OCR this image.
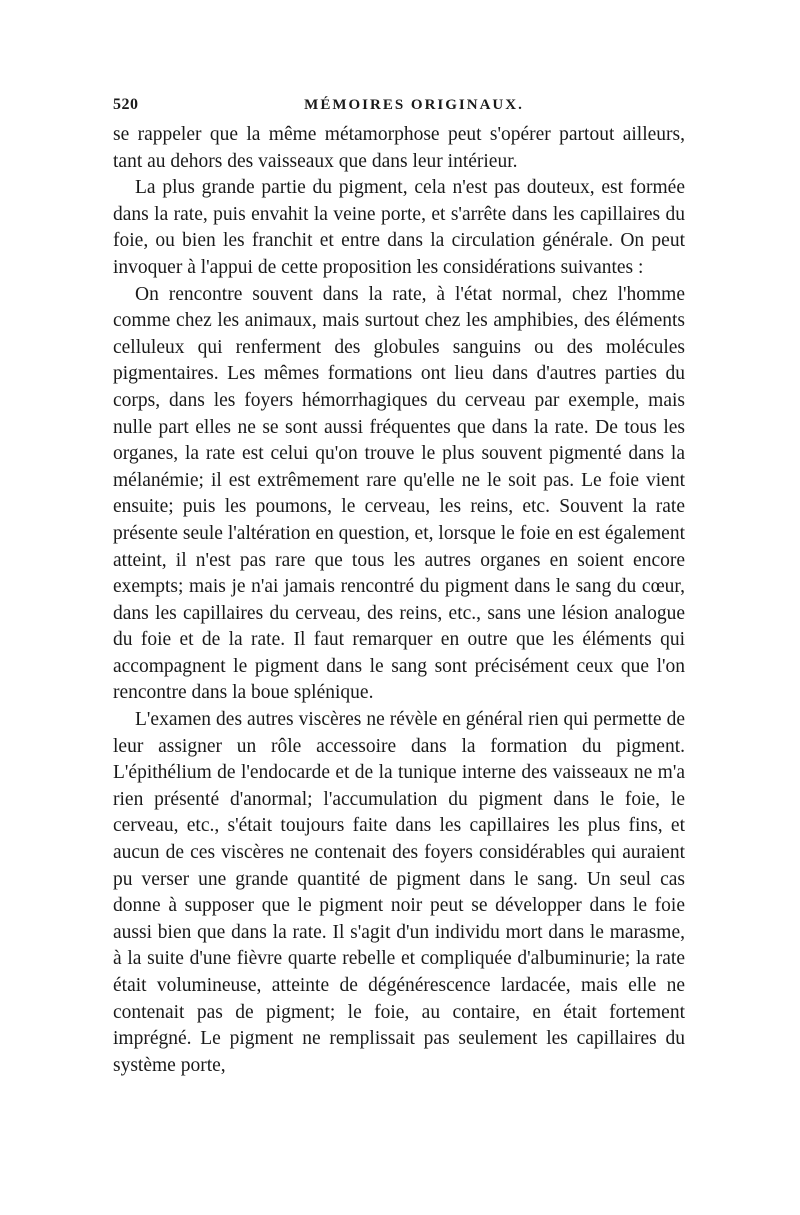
520	MÉMOIRES ORIGINAUX.

se rappeler que la même métamorphose peut s'opérer partout ailleurs, tant au dehors des vaisseaux que dans leur intérieur.

La plus grande partie du pigment, cela n'est pas douteux, est formée dans la rate, puis envahit la veine porte, et s'arrête dans les capillaires du foie, ou bien les franchit et entre dans la circulation générale. On peut invoquer à l'appui de cette proposition les considérations suivantes :

On rencontre souvent dans la rate, à l'état normal, chez l'homme comme chez les animaux, mais surtout chez les amphibies, des éléments celluleux qui renferment des globules sanguins ou des molécules pigmentaires. Les mêmes formations ont lieu dans d'autres parties du corps, dans les foyers hémorrhagiques du cerveau par exemple, mais nulle part elles ne se sont aussi fréquentes que dans la rate. De tous les organes, la rate est celui qu'on trouve le plus souvent pigmenté dans la mélanémie; il est extrêmement rare qu'elle ne le soit pas. Le foie vient ensuite; puis les poumons, le cerveau, les reins, etc. Souvent la rate présente seule l'altération en question, et, lorsque le foie en est également atteint, il n'est pas rare que tous les autres organes en soient encore exempts; mais je n'ai jamais rencontré du pigment dans le sang du cœur, dans les capillaires du cerveau, des reins, etc., sans une lésion analogue du foie et de la rate. Il faut remarquer en outre que les éléments qui accompagnent le pigment dans le sang sont précisément ceux que l'on rencontre dans la boue splénique.

L'examen des autres viscères ne révèle en général rien qui permette de leur assigner un rôle accessoire dans la formation du pigment. L'épithélium de l'endocarde et de la tunique interne des vaisseaux ne m'a rien présenté d'anormal; l'accumulation du pigment dans le foie, le cerveau, etc., s'était toujours faite dans les capillaires les plus fins, et aucun de ces viscères ne contenait des foyers considérables qui auraient pu verser une grande quantité de pigment dans le sang. Un seul cas donne à supposer que le pigment noir peut se développer dans le foie aussi bien que dans la rate. Il s'agit d'un individu mort dans le marasme, à la suite d'une fièvre quarte rebelle et compliquée d'albuminurie; la rate était volumineuse, atteinte de dégénérescence lardacée, mais elle ne contenait pas de pigment; le foie, au contaire, en était fortement imprégné. Le pigment ne remplissait pas seulement les capillaires du système porte,
